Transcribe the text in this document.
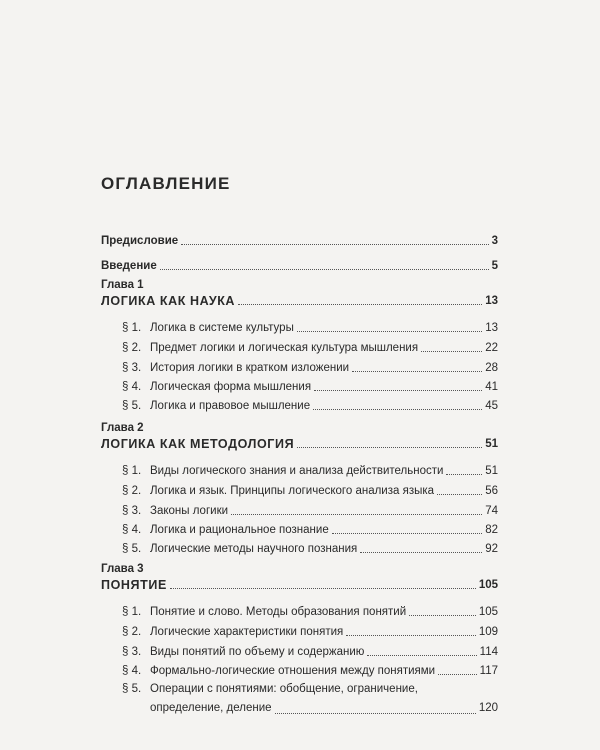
ОГЛАВЛЕНИЕ
Предисловие	3
Введение	5
Глава 1
ЛОГИКА КАК НАУКА	13
§ 1. Логика в системе культуры	13
§ 2. Предмет логики и логическая культура мышления	22
§ 3. История логики в кратком изложении	28
§ 4. Логическая форма мышления	41
§ 5. Логика и правовое мышление	45
Глава 2
ЛОГИКА КАК МЕТОДОЛОГИЯ	51
§ 1. Виды логического знания и анализа действительности	51
§ 2. Логика и язык. Принципы логического анализа языка	56
§ 3. Законы логики	74
§ 4. Логика и рациональное познание	82
§ 5. Логические методы научного познания	92
Глава 3
ПОНЯТИЕ	105
§ 1. Понятие и слово. Методы образования понятий	105
§ 2. Логические характеристики понятия	109
§ 3. Виды понятий по объему и содержанию	114
§ 4. Формально-логические отношения между понятиями	117
§ 5. Операции с понятиями: обобщение, ограничение,
определение, деление	120
